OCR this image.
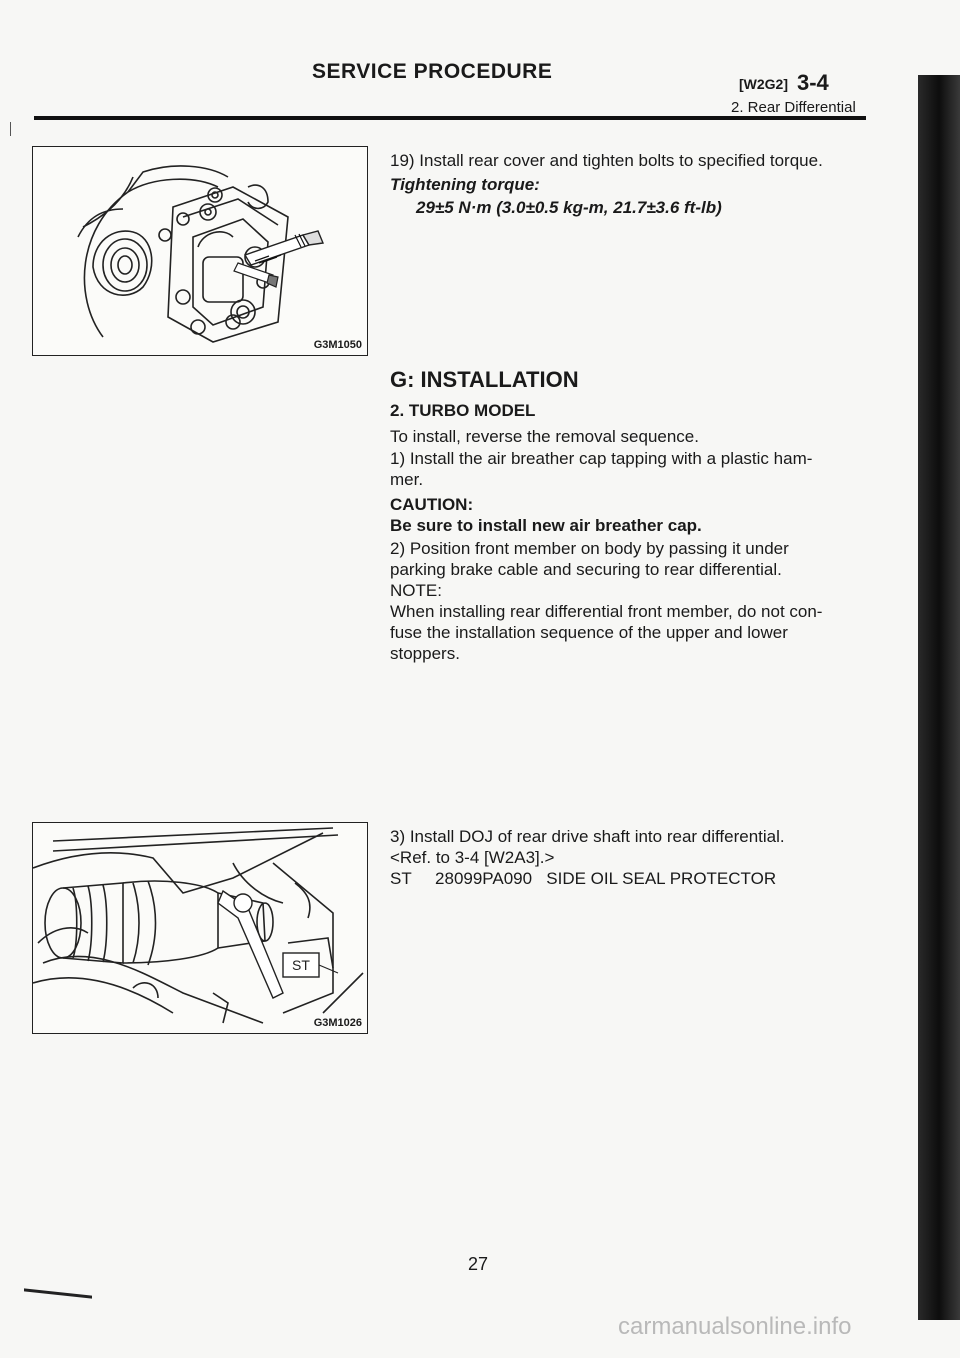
SERVICE PROCEDURE
[W2G2] 3-4
2. Rear Differential
G3M1050
ST
G3M1026
19) Install rear cover and tighten bolts to specified torque.
Tightening torque:
29±5 N·m (3.0±0.5 kg-m, 21.7±3.6 ft-lb)
G: INSTALLATION
2. TURBO MODEL
To install, reverse the removal sequence.
1) Install the air breather cap tapping with a plastic ham-
mer.
CAUTION:
Be sure to install new air breather cap.
2) Position front member on body by passing it under
parking brake cable and securing to rear differential.
NOTE:
When installing rear differential front member, do not con-
fuse the installation sequence of the upper and lower
stoppers.
3) Install DOJ of rear drive shaft into rear differential.
<Ref. to 3-4 [W2A3].>
ST     28099PA090   SIDE OIL SEAL PROTECTOR
27
carmanualsonline.info
